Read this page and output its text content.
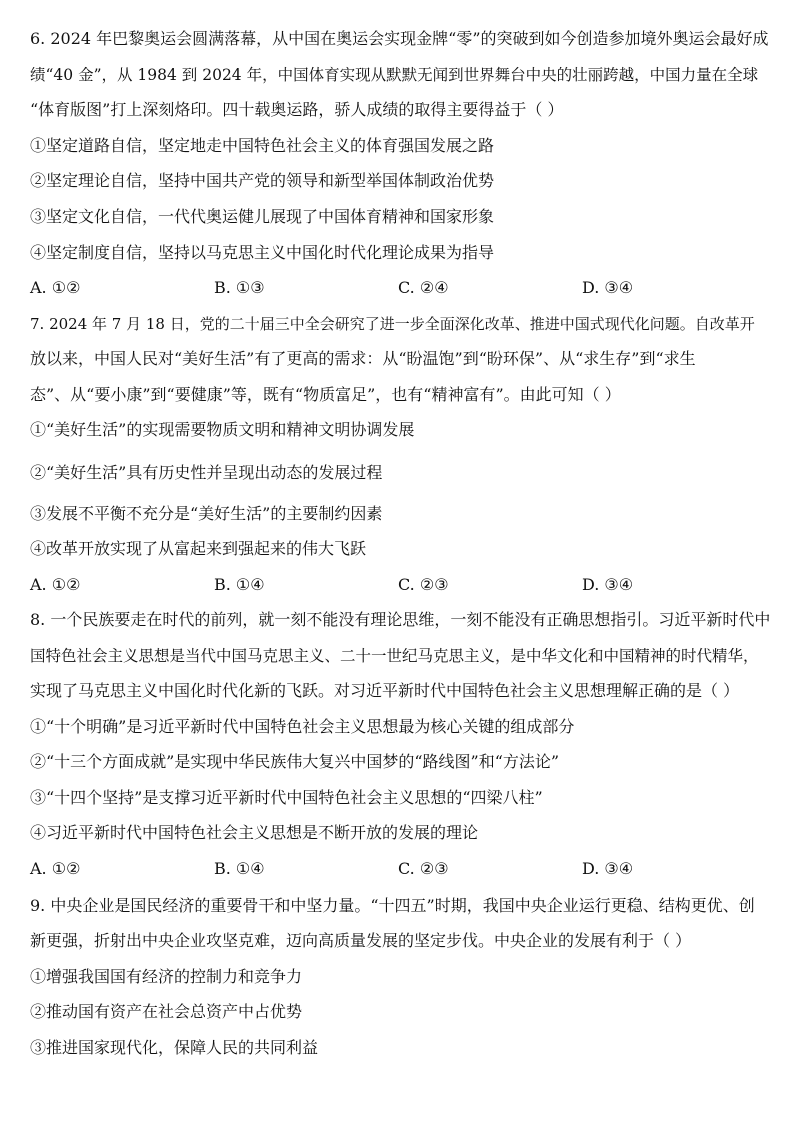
6. 2024 年巴黎奥运会圆满落幕，从中国在奥运会实现金牌“零”的突破到如今创造参加境外奥运会最好成
绩“40 金”，从 1984 到 2024 年，中国体育实现从默默无闻到世界舞台中央的壮丽跨越，中国力量在全球
“体育版图”打上深刻烙印。四十载奥运路，骄人成绩的取得主要得益于（ ）
①坚定道路自信，坚定地走中国特色社会主义的体育强国发展之路
②坚定理论自信，坚持中国共产党的领导和新型举国体制政治优势
③坚定文化自信，一代代奥运健儿展现了中国体育精神和国家形象
④坚定制度自信，坚持以马克思主义中国化时代化理论成果为指导
A. ①②	B. ①③	C. ②④	D. ③④
7. 2024 年 7 月 18 日，党的二十届三中全会研究了进一步全面深化改革、推进中国式现代化问题。自改革开
放以来，中国人民对“美好生活”有了更高的需求：从“盼温饱”到“盼环保”、从“求生存”到“求生
态”、从“要小康”到“要健康”等，既有“物质富足”，也有“精神富有”。由此可知（ ）
①“美好生活”的实现需要物质文明和精神文明协调发展
②“美好生活”具有历史性并呈现出动态的发展过程
③发展不平衡不充分是“美好生活”的主要制约因素
④改革开放实现了从富起来到强起来的伟大飞跃
A. ①②	B. ①④	C. ②③	D. ③④
8. 一个民族要走在时代的前列，就一刻不能没有理论思维，一刻不能没有正确思想指引。习近平新时代中
国特色社会主义思想是当代中国马克思主义、二十一世纪马克思主义，是中华文化和中国精神的时代精华，
实现了马克思主义中国化时代化新的飞跃。对习近平新时代中国特色社会主义思想理解正确的是（ ）
①“十个明确”是习近平新时代中国特色社会主义思想最为核心关键的组成部分
②“十三个方面成就”是实现中华民族伟大复兴中国梦的“路线图”和“方法论”
③“十四个坚持”是支撑习近平新时代中国特色社会主义思想的“四梁八柱”
④习近平新时代中国特色社会主义思想是不断开放的发展的理论
A. ①②	B. ①④	C. ②③	D. ③④
9. 中央企业是国民经济的重要骨干和中坚力量。“十四五”时期，我国中央企业运行更稳、结构更优、创
新更强，折射出中央企业攻坚克难，迈向高质量发展的坚定步伐。中央企业的发展有利于（ ）
①增强我国国有经济的控制力和竞争力
②推动国有资产在社会总资产中占优势
③推进国家现代化，保障人民的共同利益
